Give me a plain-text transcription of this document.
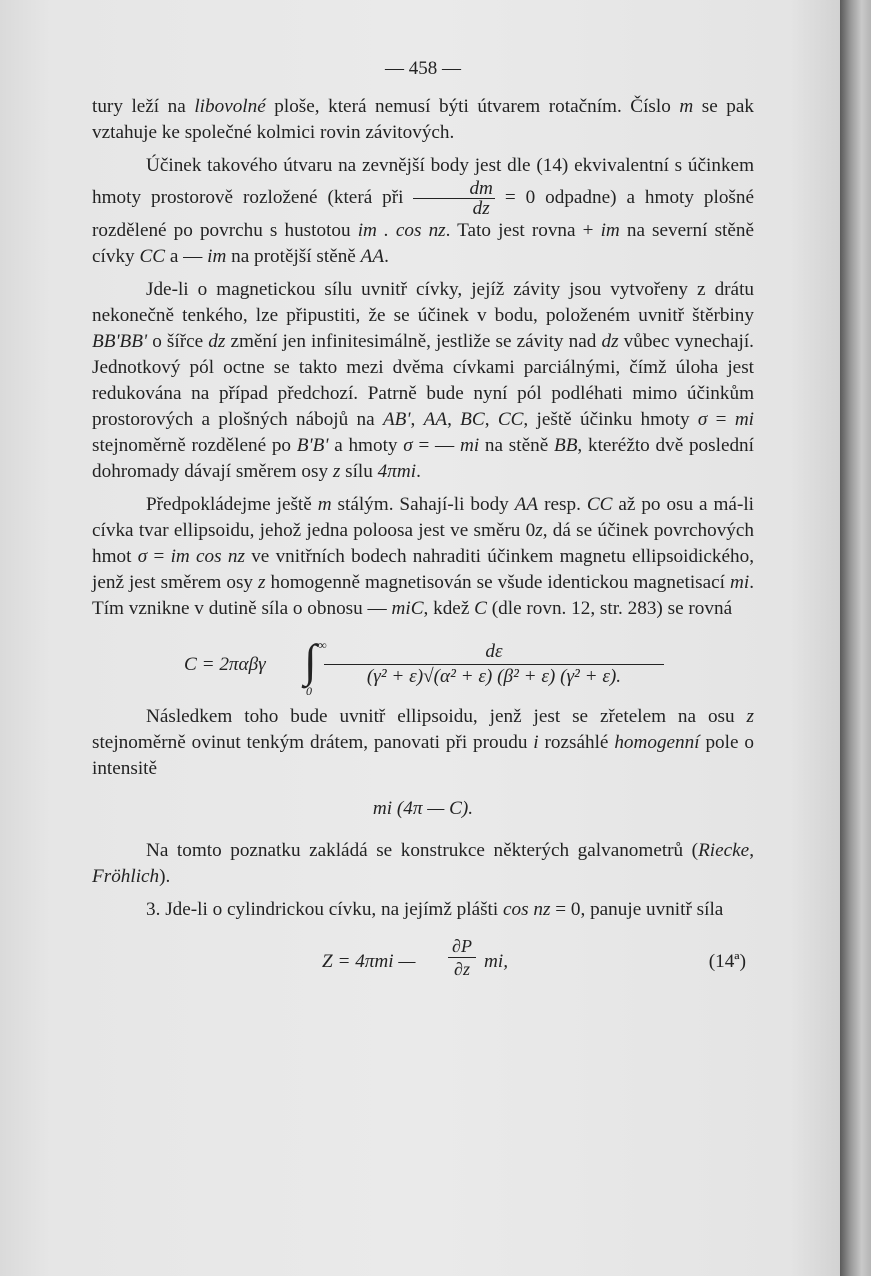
— 458 —

tury leží na libovolné ploše, která nemusí býti útvarem rotačním. Číslo m se pak vztahuje ke společné kolmici rovin závitových.

Účinek takového útvaru na zevnější body jest dle (14) ekvivalentní s účinkem hmoty prostorově rozložené (která při $\frac{dm}{dz} = 0$ odpadne) a hmoty plošné rozdělené po povrchu s hustotou im . cos nz. Tato jest rovna + im na severní stěně cívky CC a — im na protější stěně AA.

Jde-li o magnetickou sílu uvnitř cívky, jejíž závity jsou vytvořeny z drátu nekonečně tenkého, lze připustiti, že se účinek v bodu, položeném uvnitř štěrbiny BB'BB' o šířce dz změní jen infinitesimálně, jestliže se závity nad dz vůbec vynechají. Jednotkový pól octne se takto mezi dvěma cívkami parciálnými, čímž úloha jest redukována na případ předchozí. Patrně bude nyní pól podléhati mimo účinkům prostorových a plošných nábojů na AB', AA, BC, CC, ještě účinku hmoty σ = mi stejnoměrně rozdělené po B'B' a hmoty σ = — mi na stěně BB, kteréžto dvě poslední dohromady dávají směrem osy z sílu 4πmi.

Předpokládejme ještě m stálým. Sahají-li body AA resp. CC až po osu a má-li cívka tvar ellipsoidu, jehož jedna poloosa jest ve směru 0z, dá se účinek povrchových hmot σ = im cos nz ve vnitřních bodech nahraditi účinkem magnetu ellipsoidického, jenž jest směrem osy z homogenně magnetisován se všude identickou magnetisací mi. Tím vznikne v dutině síla o obnosu — miC, kdež C (dle rovn. 12, str. 283) se rovná

C = 2παβγ ∫ ∞
0
$\frac{d\varepsilon}{\text{(γ² + ε)√(α² + ε) (β² + ε) (γ² + ε).}}$

Následkem toho bude uvnitř ellipsoidu, jenž jest se zřetelem na osu z stejnoměrně ovinut tenkým drátem, panovati při proudu i rozsáhlé homogenní pole o intensitě

mi (4π — C).

Na tomto poznatku zakládá se konstrukce některých galvanometrů (Riecke, Fröhlich).

3. Jde-li o cylindrickou cívku, na jejímž plášti cos nz = 0, panuje uvnitř síla

Z = 4πmi — $\frac{\partial P}{\partial z}$ mi,	(14ª)
